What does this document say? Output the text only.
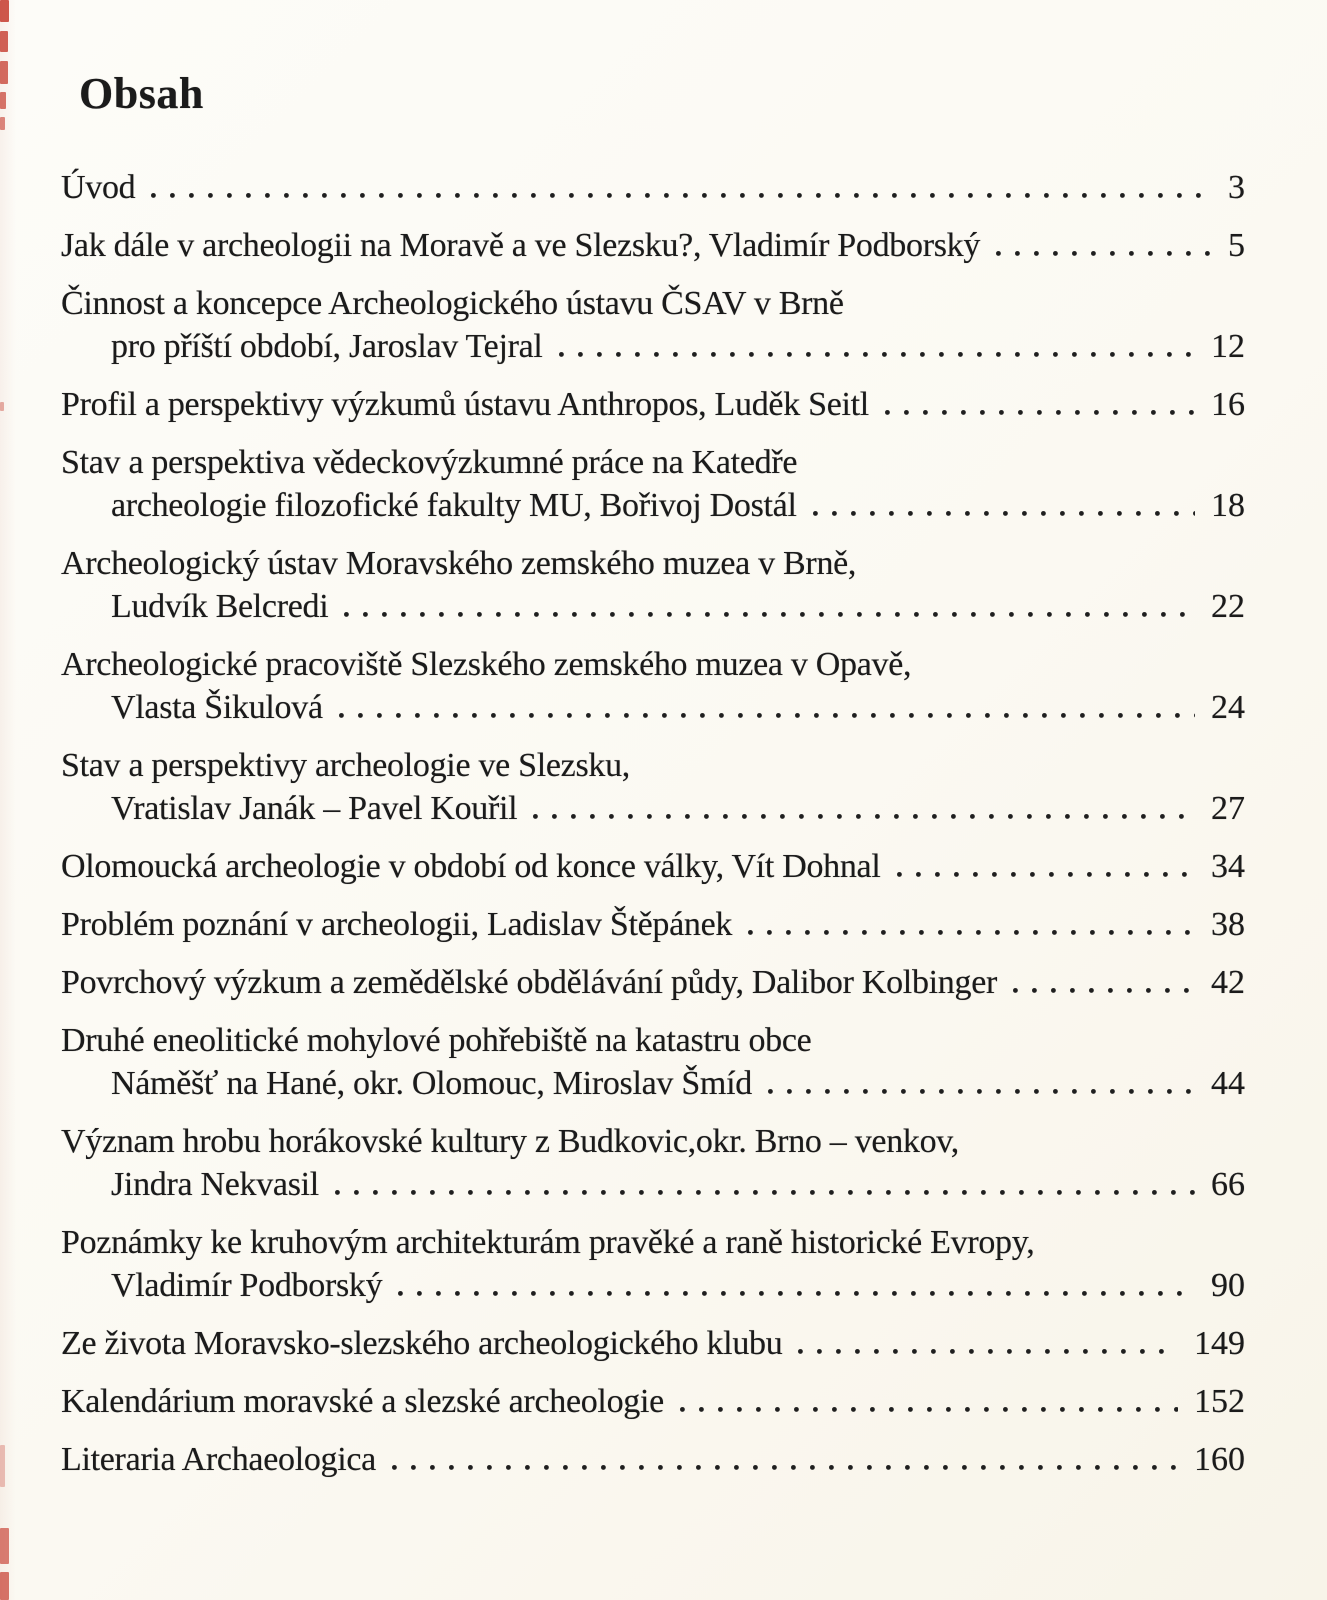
Obsah
Úvod	3
Jak dále v archeologii na Moravě a ve Slezsku?, Vladimír Podborský	5
Činnost a koncepce Archeologického ústavu ČSAV v Brně
pro příští období, Jaroslav Tejral	12
Profil a perspektivy výzkumů ústavu Anthropos, Luděk Seitl	16
Stav a perspektiva vědeckovýzkumné práce na Katedře
archeologie filozofické fakulty MU, Bořivoj Dostál	18
Archeologický ústav Moravského zemského muzea v Brně,
Ludvík Belcredi	22
Archeologické pracoviště Slezského zemského muzea v Opavě,
Vlasta Šikulová	24
Stav a perspektivy archeologie ve Slezsku,
Vratislav Janák – Pavel Kouřil	27
Olomoucká archeologie v období od konce války, Vít Dohnal	34
Problém poznání v archeologii, Ladislav Štěpánek	38
Povrchový výzkum a zemědělské obdělávání půdy, Dalibor Kolbinger	42
Druhé eneolitické mohylové pohřebiště na katastru obce
Náměšť na Hané, okr. Olomouc, Miroslav Šmíd	44
Význam hrobu horákovské kultury z Budkovic,okr. Brno – venkov,
Jindra Nekvasil	66
Poznámky ke kruhovým architekturám pravěké a raně historické Evropy,
Vladimír Podborský	90
Ze života Moravsko-slezského archeologického klubu	149
Kalendárium moravské a slezské archeologie	152
Literaria Archaeologica	160
